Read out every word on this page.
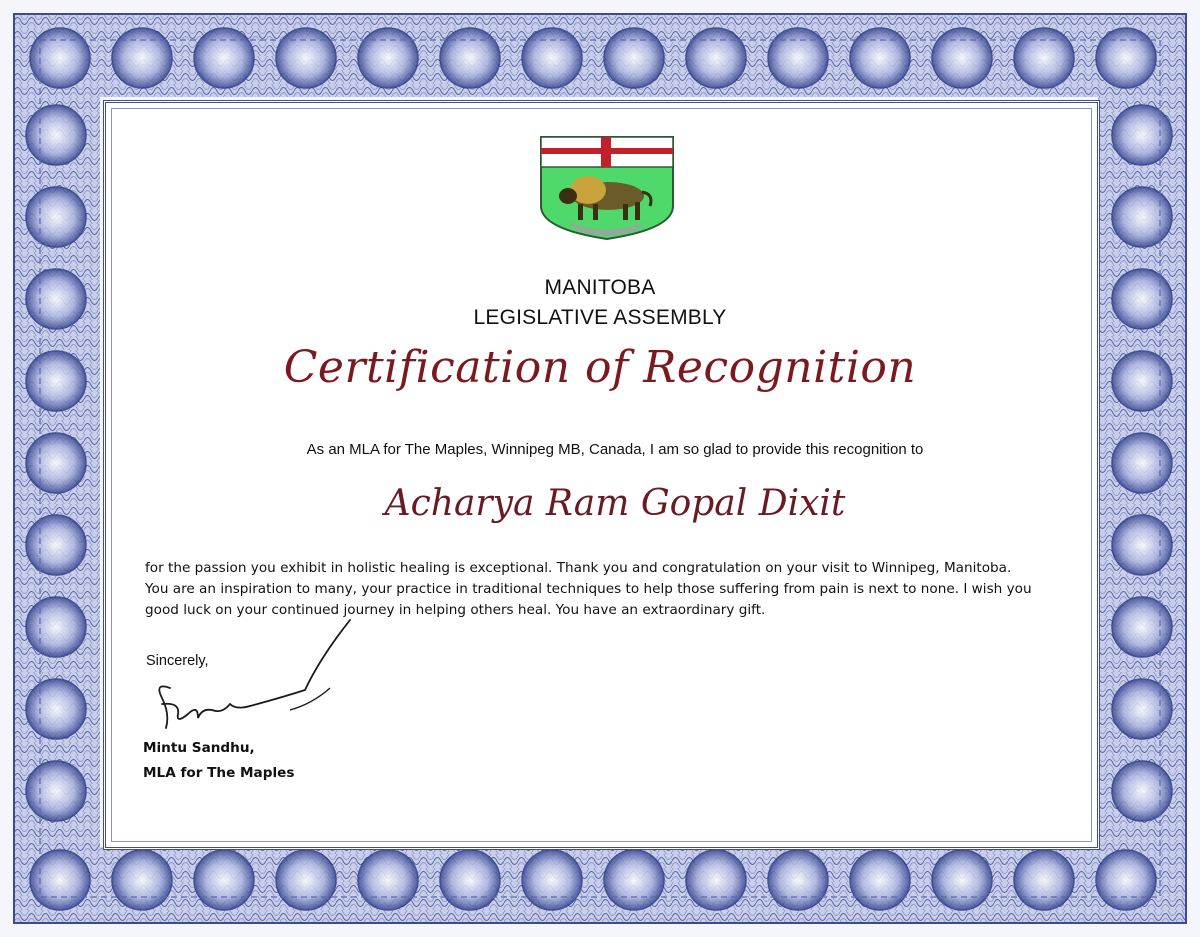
MANITOBA
LEGISLATIVE ASSEMBLY
Certification of Recognition
As an MLA for The Maples, Winnipeg MB, Canada, I am so glad to provide this recognition to
Acharya Ram Gopal Dixit
for the passion you exhibit in holistic healing is exceptional. Thank you and congratulation on your visit to Winnipeg, Manitoba.
You are an inspiration to many, your practice in traditional techniques to help those suffering from pain is next to none. I wish you
good luck on your continued journey in helping others heal. You have an extraordinary gift.
Sincerely,
Mintu Sandhu,
MLA for The Maples
